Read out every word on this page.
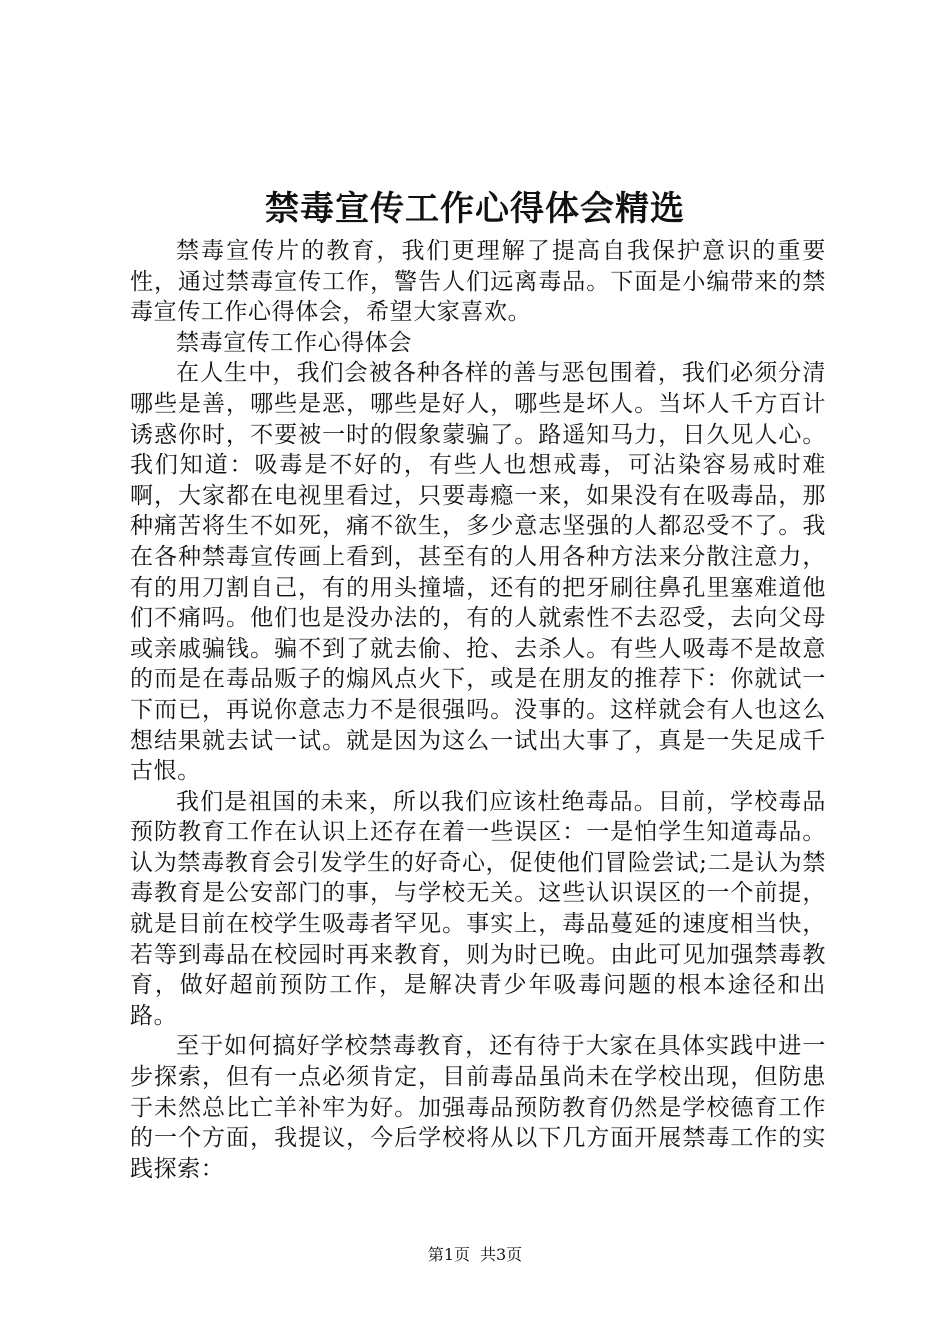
禁毒宣传工作心得体会精选

禁毒宣传片的教育，我们更理解了提高自我保护意识的重要性，通过禁毒宣传工作，警告人们远离毒品。下面是小编带来的禁毒宣传工作心得体会，希望大家喜欢。

禁毒宣传工作心得体会

在人生中，我们会被各种各样的善与恶包围着，我们必须分清哪些是善，哪些是恶，哪些是好人，哪些是坏人。当坏人千方百计诱惑你时，不要被一时的假象蒙骗了。路遥知马力，日久见人心。我们知道：吸毒是不好的，有些人也想戒毒，可沾染容易戒时难啊，大家都在电视里看过，只要毒瘾一来，如果没有在吸毒品，那种痛苦将生不如死，痛不欲生，多少意志坚强的人都忍受不了。我在各种禁毒宣传画上看到，甚至有的人用各种方法来分散注意力，有的用刀割自己，有的用头撞墙，还有的把牙刷往鼻孔里塞难道他们不痛吗。他们也是没办法的，有的人就索性不去忍受，去向父母或亲戚骗钱。骗不到了就去偷、抢、去杀人。有些人吸毒不是故意的而是在毒品贩子的煽风点火下，或是在朋友的推荐下：你就试一下而已，再说你意志力不是很强吗。没事的。这样就会有人也这么想结果就去试一试。就是因为这么一试出大事了，真是一失足成千古恨。

我们是祖国的未来，所以我们应该杜绝毒品。目前，学校毒品预防教育工作在认识上还存在着一些误区：一是怕学生知道毒品。认为禁毒教育会引发学生的好奇心，促使他们冒险尝试;二是认为禁毒教育是公安部门的事，与学校无关。这些认识误区的一个前提，就是目前在校学生吸毒者罕见。事实上，毒品蔓延的速度相当快，若等到毒品在校园时再来教育，则为时已晚。由此可见加强禁毒教育，做好超前预防工作，是解决青少年吸毒问题的根本途径和出路。

至于如何搞好学校禁毒教育，还有待于大家在具体实践中进一步探索，但有一点必须肯定，目前毒品虽尚未在学校出现，但防患于未然总比亡羊补牢为好。加强毒品预防教育仍然是学校德育工作的一个方面，我提议，今后学校将从以下几方面开展禁毒工作的实践探索：

第1页 共3页
